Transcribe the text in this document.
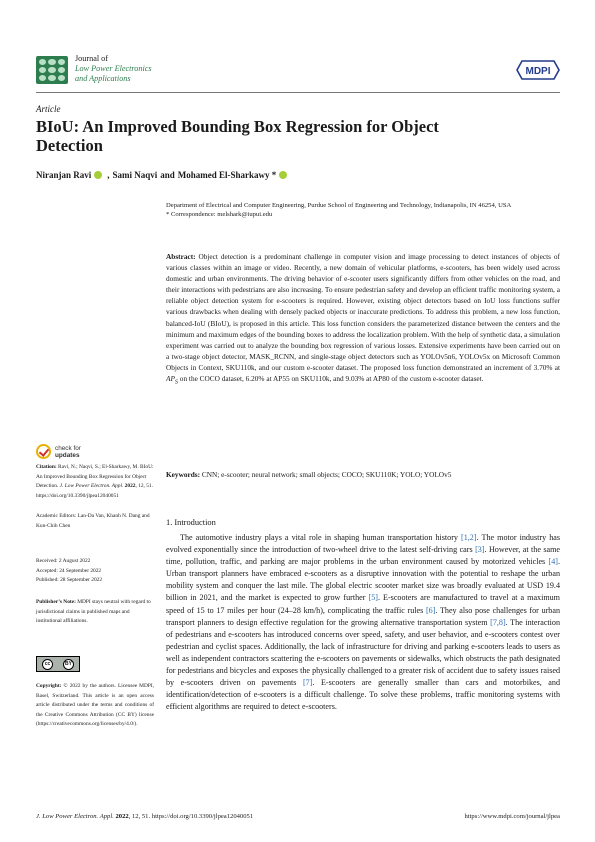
Journal of
Low Power Electronics
and Applications
MDPI
Article
BIoU: An Improved Bounding Box Regression for Object Detection
Niranjan Ravi , Sami Naqvi and Mohamed El-Sharkawy *
Department of Electrical and Computer Engineering, Purdue School of Engineering and Technology, Indianapolis, IN 46254, USA
* Correspondence: melshark@iupui.edu
Abstract: Object detection is a predominant challenge in computer vision and image processing to detect instances of objects of various classes within an image or video. Recently, a new domain of vehicular platforms, e-scooters, has been widely used across domestic and urban environments. The driving behavior of e-scooter users significantly differs from other vehicles on the road, and their interactions with pedestrians are also increasing. To ensure pedestrian safety and develop an efficient traffic monitoring system, a reliable object detection system for e-scooters is required. However, existing object detectors based on IoU loss functions suffer various drawbacks when dealing with densely packed objects or inaccurate predictions. To address this problem, a new loss function, balanced-IoU (BIoU), is proposed in this article. This loss function considers the parameterized distance between the centers and the minimum and maximum edges of the bounding boxes to address the localization problem. With the help of synthetic data, a simulation experiment was carried out to analyze the bounding box regression of various losses. Extensive experiments have been carried out on a two-stage object detector, MASK_RCNN, and single-stage object detectors such as YOLOv5n6, YOLOv5x on Microsoft Common Objects in Context, SKU110k, and our custom e-scooter dataset. The proposed loss function demonstrated an increment of 3.70% at $AP_S$ on the COCO dataset, 6.20% at AP55 on SKU110k, and 9.03% at AP80 of the custom e-scooter dataset.
Keywords: CNN; e-scooter; neural network; small objects; COCO; SKU110K; YOLO; YOLOv5
check for
updates
Citation: Ravi, N.; Naqvi, S.; El-Sharkawy, M. BIoU: An Improved Bounding Box Regression for Object Detection. J. Low Power Electron. Appl. 2022, 12, 51. https://doi.org/10.3390/jlpea12040051
Academic Editors: Lan-Da Van, Khanh N. Dang and Kun-Chih Chen
Received: 2 August 2022
Accepted: 24 September 2022
Published: 28 September 2022
Publisher’s Note: MDPI stays neutral with regard to jurisdictional claims in published maps and institutional affiliations.
cc	BY
Copyright: © 2022 by the authors. Licensee MDPI, Basel, Switzerland. This article is an open access article distributed under the terms and conditions of the Creative Commons Attribution (CC BY) license (https://creativecommons.org/licenses/by/4.0/).
1. Introduction
The automotive industry plays a vital role in shaping human transportation history [1,2]. The motor industry has evolved exponentially since the introduction of two-wheel drive to the latest self-driving cars [3]. However, at the same time, pollution, traffic, and parking are major problems in the urban environment caused by motorized vehicles [4]. Urban transport planners have embraced e-scooters as a disruptive innovation with the potential to reshape the urban mobility system and conquer the last mile. The global electric scooter market size was broadly evaluated at USD 19.4 billion in 2021, and the market is expected to grow further [5]. E-scooters are manufactured to travel at a maximum speed of 15 to 17 miles per hour (24–28 km/h), complicating the traffic rules [6]. They also pose challenges for urban transport planners to design effective regulation for the growing alternative transportation system [7,8]. The interaction of pedestrians and e-scooters has introduced concerns over speed, safety, and user behavior, and e-scooters contest over pedestrian and cyclist spaces. Additionally, the lack of infrastructure for driving and parking e-scooters leads to users as well as independent contractors scattering the e-scooters on pavements or sidewalks, which obstructs the path designated for pedestrians and bicycles and exposes the physically challenged to a greater risk of accident due to safety issues raised by e-scooters driven on pavements [7]. E-scooters are generally smaller than cars and motorbikes, and identification/detection of e-scooters is a difficult challenge. To solve these problems, traffic monitoring systems with efficient algorithms are required to detect e-scooters.
J. Low Power Electron. Appl. 2022, 12, 51. https://doi.org/10.3390/jlpea12040051	https://www.mdpi.com/journal/jlpea
